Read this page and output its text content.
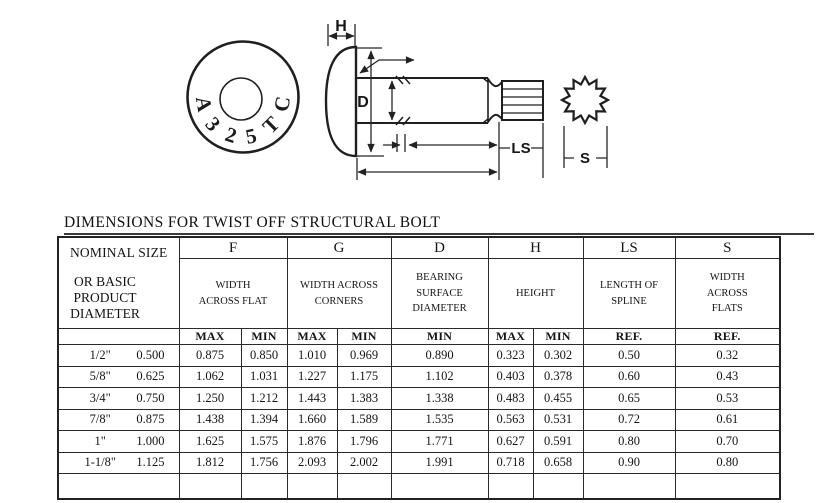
A
3
2 5
T
C
H
D
LS
S
DIMENSIONS FOR TWIST OFF STRUCTURAL BOLT
NOMINAL SIZE
OR BASIC PRODUCT DIAMETER	F		G		D	H		LS	S

	WIDTH ACROSS FLAT		WIDTH ACROSS CORNERS		BEARING SURFACE DIAMETER	HEIGHT		LENGTH OF SPLINE	WIDTH ACROSS FLATS

	MAX	MIN	MAX	MIN	MIN	MAX	MIN	REF.	REF.
1/2" 0.500	0.875	0.850	1.010	0.969	0.890	0.323	0.302	0.50	0.32
5/8" 0.625	1.062	1.031	1.227	1.175	1.102	0.403	0.378	0.60	0.43
3/4" 0.750	1.250	1.212	1.443	1.383	1.338	0.483	0.455	0.65	0.53
7/8" 0.875	1.438	1.394	1.660	1.589	1.535	0.563	0.531	0.72	0.61
1" 1.000	1.625	1.575	1.876	1.796	1.771	0.627	0.591	0.80	0.70
1-1/8" 1.125	1.812	1.756	2.093	2.002	1.991	0.718	0.658	0.90	0.80
